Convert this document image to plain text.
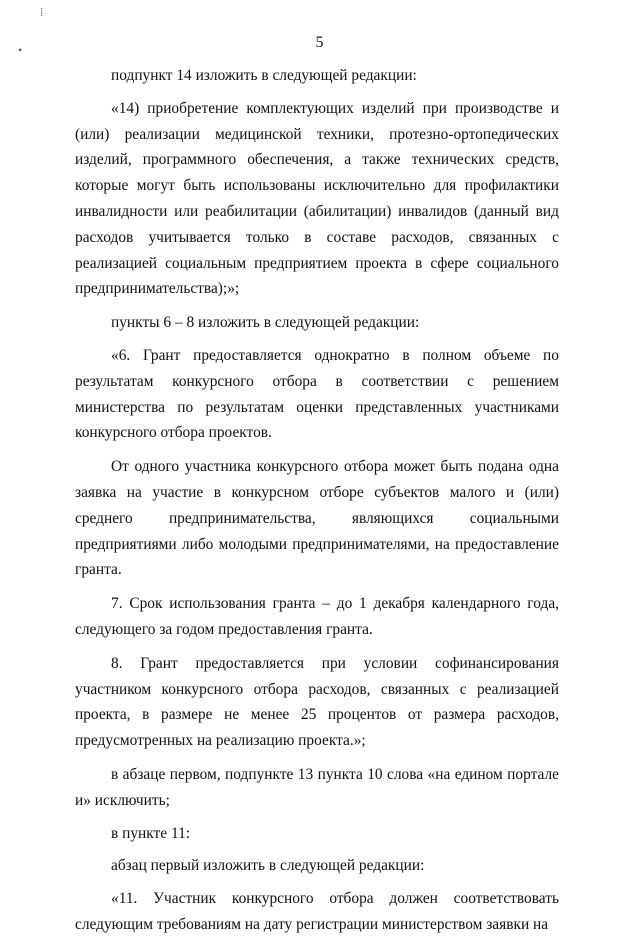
⁞
•	5

подпункт 14 изложить в следующей редакции:

«14) приобретение комплектующих изделий при производстве и (или) реализации медицинской техники, протезно-ортопедических изделий, программного обеспечения, а также технических средств, которые могут быть использованы исключительно для профилактики инвалидности или реабилитации (абилитации) инвалидов (данный вид расходов учитывается только в составе расходов, связанных с реализацией социальным предприятием проекта в сфере социального предпринимательства);»;

пункты 6 – 8 изложить в следующей редакции:

«6. Грант предоставляется однократно в полном объеме по результатам конкурсного отбора в соответствии с решением министерства по результатам оценки представленных участниками конкурсного отбора проектов.

От одного участника конкурсного отбора может быть подана одна заявка на участие в конкурсном отборе субъектов малого и (или) среднего предпринимательства, являющихся социальными предприятиями либо молодыми предпринимателями, на предоставление гранта.

7. Срок использования гранта – до 1 декабря календарного года, следующего за годом предоставления гранта.

8. Грант предоставляется при условии софинансирования участником конкурсного отбора расходов, связанных с реализацией проекта, в размере не менее 25 процентов от размера расходов, предусмотренных на реализацию проекта.»;

в абзаце первом, подпункте 13 пункта 10 слова «на едином портале и» исключить;

в пункте 11:

абзац первый изложить в следующей редакции:

«11. Участник конкурсного отбора должен соответствовать следующим требованиям на дату регистрации министерством заявки на
